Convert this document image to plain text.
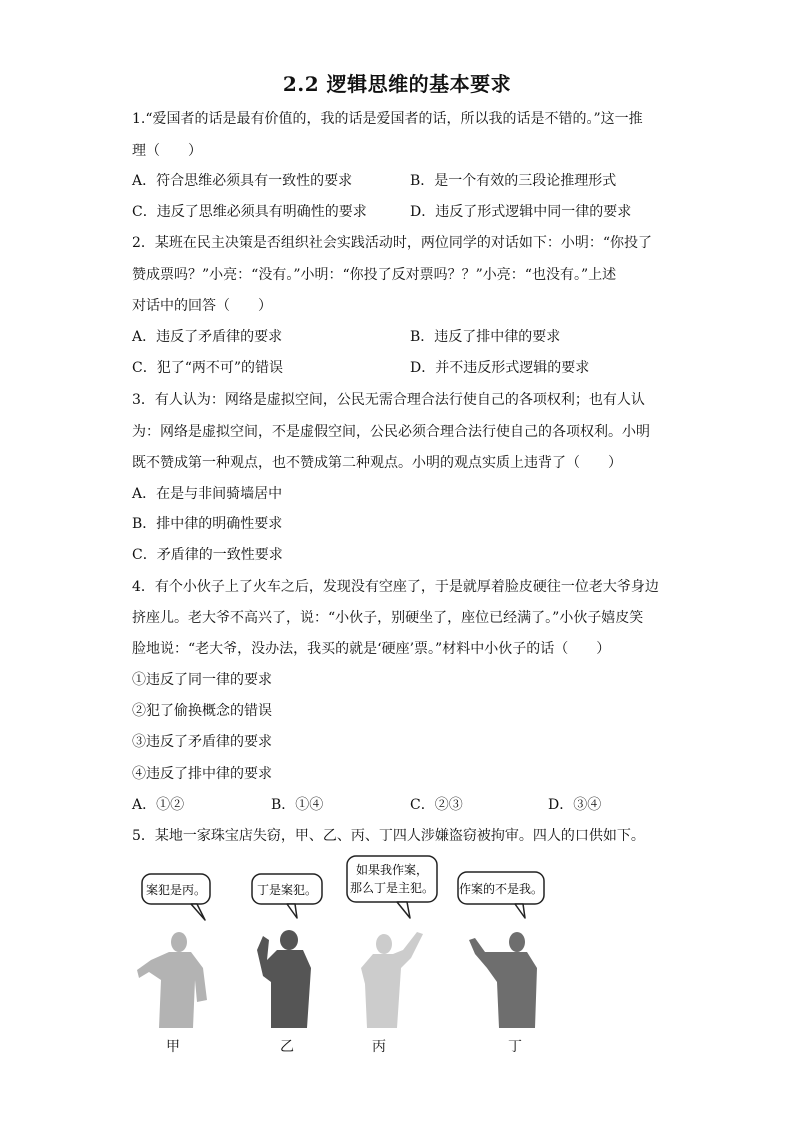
2.2 逻辑思维的基本要求
1.“爱国者的话是最有价值的，我的话是爱国者的话，所以我的话是不错的。”这一推
理（　　）
A．符合思维必须具有一致性的要求	B．是一个有效的三段论推理形式
C．违反了思维必须具有明确性的要求	D．违反了形式逻辑中同一律的要求
2．某班在民主决策是否组织社会实践活动时，两位同学的对话如下：小明：“你投了
赞成票吗？”小亮：“没有。”小明：“你投了反对票吗？？”小亮：“也没有。”上述
对话中的回答（　　）
A．违反了矛盾律的要求	B．违反了排中律的要求
C．犯了“两不可”的错误	D．并不违反形式逻辑的要求
3．有人认为：网络是虚拟空间，公民无需合理合法行使自己的各项权利；也有人认
为：网络是虚拟空间，不是虚假空间，公民必须合理合法行使自己的各项权利。小明
既不赞成第一种观点，也不赞成第二种观点。小明的观点实质上违背了（　　）
A．在是与非间骑墙居中
B．排中律的明确性要求
C．矛盾律的一致性要求
4．有个小伙子上了火车之后，发现没有空座了，于是就厚着脸皮硬往一位老大爷身边
挤座儿。老大爷不高兴了，说：“小伙子，别硬坐了，座位已经满了。”小伙子嬉皮笑
脸地说：“老大爷，没办法，我买的就是‘硬座’票。”材料中小伙子的话（　　）
①违反了同一律的要求
②犯了偷换概念的错误
③违反了矛盾律的要求
④违反了排中律的要求
A．①②	B．①④	C．②③	D．③④
5．某地一家珠宝店失窃，甲、乙、丙、丁四人涉嫌盗窃被拘审。四人的口供如下。
案犯是丙。	丁是案犯。
如果我作案，
那么丁是主犯。 作案的不是我。
甲	乙	丙	丁
